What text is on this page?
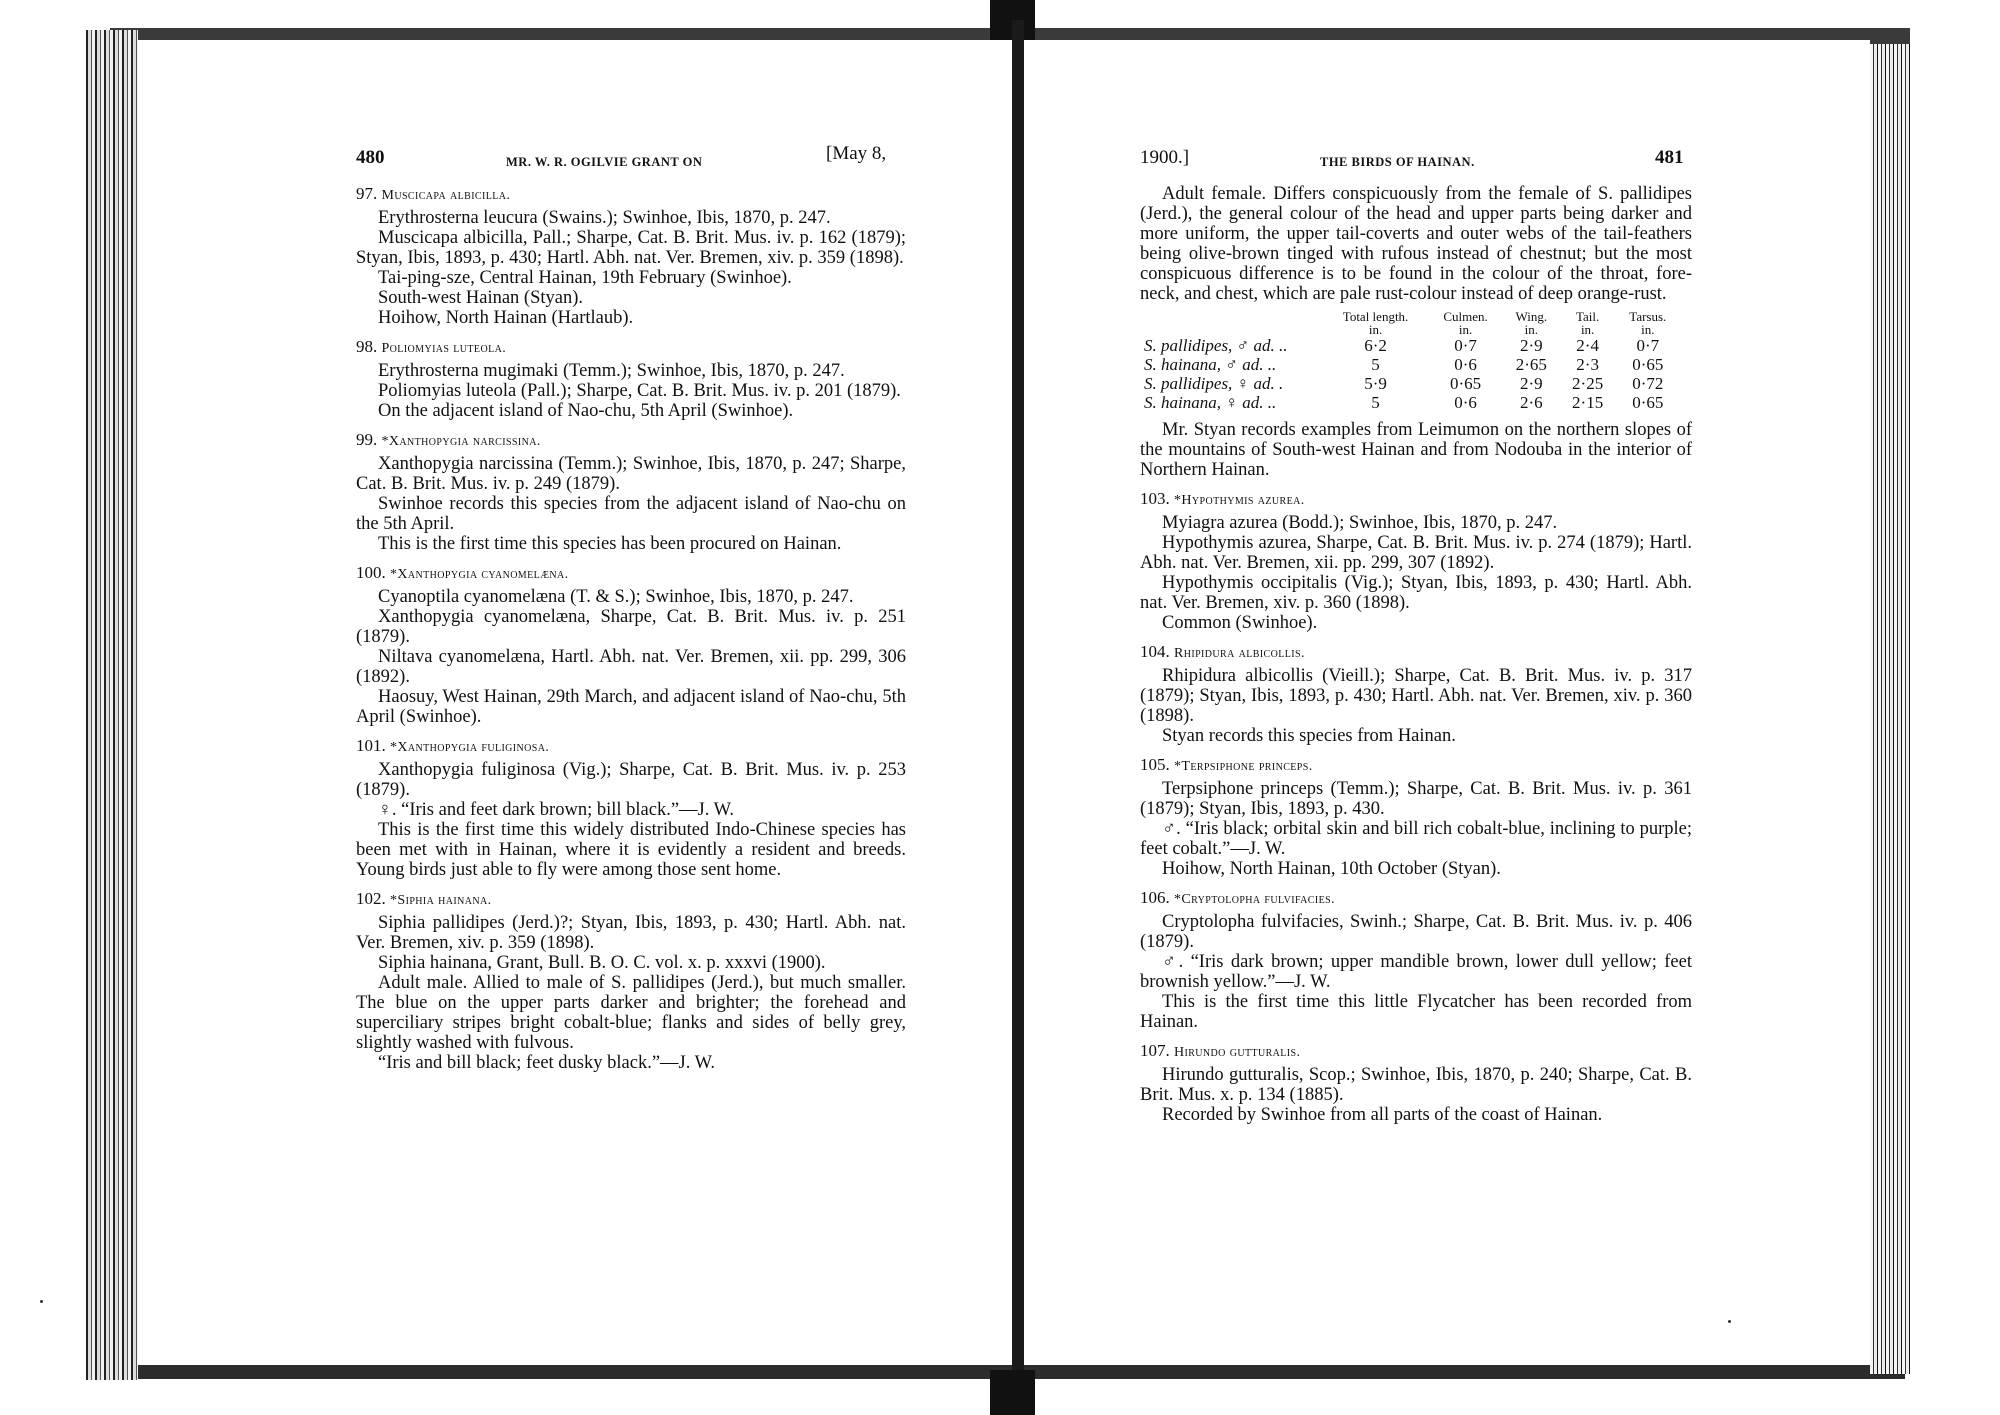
480	MR. W. R. OGILVIE GRANT ON	[May 8,
97. Muscicapa albicilla.

Erythrosterna leucura (Swains.); Swinhoe, Ibis, 1870, p. 247.

Muscicapa albicilla, Pall.; Sharpe, Cat. B. Brit. Mus. iv. p. 162 (1879); Styan, Ibis, 1893, p. 430; Hartl. Abh. nat. Ver. Bremen, xiv. p. 359 (1898).

Tai-ping-sze, Central Hainan, 19th February (Swinhoe).
South-west Hainan (Styan).
Hoihow, North Hainan (Hartlaub).
98. Poliomyias luteola.

Erythrosterna mugimaki (Temm.); Swinhoe, Ibis, 1870, p. 247.

Poliomyias luteola (Pall.); Sharpe, Cat. B. Brit. Mus. iv. p. 201 (1879).

On the adjacent island of Nao-chu, 5th April (Swinhoe).
99. *Xanthopygia narcissina.

Xanthopygia narcissina (Temm.); Swinhoe, Ibis, 1870, p. 247; Sharpe, Cat. B. Brit. Mus. iv. p. 249 (1879).

Swinhoe records this species from the adjacent island of Nao-chu on the 5th April.

This is the first time this species has been procured on Hainan.

100. *Xanthopygia cyanomelæna.

Cyanoptila cyanomelæna (T. & S.); Swinhoe, Ibis, 1870, p. 247.

Xanthopygia cyanomelæna, Sharpe, Cat. B. Brit. Mus. iv. p. 251 (1879).

Niltava cyanomelæna, Hartl. Abh. nat. Ver. Bremen, xii. pp. 299, 306 (1892).

Haosuy, West Hainan, 29th March, and adjacent island of Nao-chu, 5th April (Swinhoe).

101. *Xanthopygia fuliginosa.

Xanthopygia fuliginosa (Vig.); Sharpe, Cat. B. Brit. Mus. iv. p. 253 (1879).

♀. “Iris and feet dark brown; bill black.”—J. W.

This is the first time this widely distributed Indo-Chinese species has been met with in Hainan, where it is evidently a resident and breeds. Young birds just able to fly were among those sent home.

102. *Siphia hainana.

Siphia pallidipes (Jerd.)?; Styan, Ibis, 1893, p. 430; Hartl. Abh. nat. Ver. Bremen, xiv. p. 359 (1898).

Siphia hainana, Grant, Bull. B. O. C. vol. x. p. xxxvi (1900).

Adult male. Allied to male of S. pallidipes (Jerd.), but much smaller. The blue on the upper parts darker and brighter; the forehead and superciliary stripes bright cobalt-blue; flanks and sides of belly grey, slightly washed with fulvous.

“Iris and bill black; feet dusky black.”—J. W.

1900.]	THE BIRDS OF HAINAN.	481

Adult female. Differs conspicuously from the female of S. pallidipes (Jerd.), the general colour of the head and upper parts being darker and more uniform, the upper tail-coverts and outer webs of the tail-feathers being olive-brown tinged with rufous instead of chestnut; but the most conspicuous difference is to be found in the colour of the throat, fore-neck, and chest, which are pale rust-colour instead of deep orange-rust.

	Total length.	Culmen.	Wing.	Tail.	Tarsus.
	in.	in.	in.	in.	in.
S. pallidipes, ♂ ad. ..	6·2	0·7	2·9	2·4	0·7
S. hainana, ♂ ad. ..	5	0·6	2·65	2·3	0·65
S. pallidipes, ♀ ad. .	5·9	0·65	2·9	2·25	0·72
S. hainana, ♀ ad. ..	5	0·6	2·6	2·15	0·65

Mr. Styan records examples from Leimumon on the northern slopes of the mountains of South-west Hainan and from Nodouba in the interior of Northern Hainan.

103. *Hypothymis azurea.

Myiagra azurea (Bodd.); Swinhoe, Ibis, 1870, p. 247.

Hypothymis azurea, Sharpe, Cat. B. Brit. Mus. iv. p. 274 (1879); Hartl. Abh. nat. Ver. Bremen, xii. pp. 299, 307 (1892).

Hypothymis occipitalis (Vig.); Styan, Ibis, 1893, p. 430; Hartl. Abh. nat. Ver. Bremen, xiv. p. 360 (1898).

Common (Swinhoe).

104. Rhipidura albicollis.

Rhipidura albicollis (Vieill.); Sharpe, Cat. B. Brit. Mus. iv. p. 317 (1879); Styan, Ibis, 1893, p. 430; Hartl. Abh. nat. Ver. Bremen, xiv. p. 360 (1898).

Styan records this species from Hainan.

105. *Terpsiphone princeps.

Terpsiphone princeps (Temm.); Sharpe, Cat. B. Brit. Mus. iv. p. 361 (1879); Styan, Ibis, 1893, p. 430.

♂. “Iris black; orbital skin and bill rich cobalt-blue, inclining to purple; feet cobalt.”—J. W.

Hoihow, North Hainan, 10th October (Styan).

106. *Cryptolopha fulvifacies.

Cryptolopha fulvifacies, Swinh.; Sharpe, Cat. B. Brit. Mus. iv. p. 406 (1879).

♂. “Iris dark brown; upper mandible brown, lower dull yellow; feet brownish yellow.”—J. W.

This is the first time this little Flycatcher has been recorded from Hainan.

107. Hirundo gutturalis.

Hirundo gutturalis, Scop.; Swinhoe, Ibis, 1870, p. 240; Sharpe, Cat. B. Brit. Mus. x. p. 134 (1885).

Recorded by Swinhoe from all parts of the coast of Hainan.
